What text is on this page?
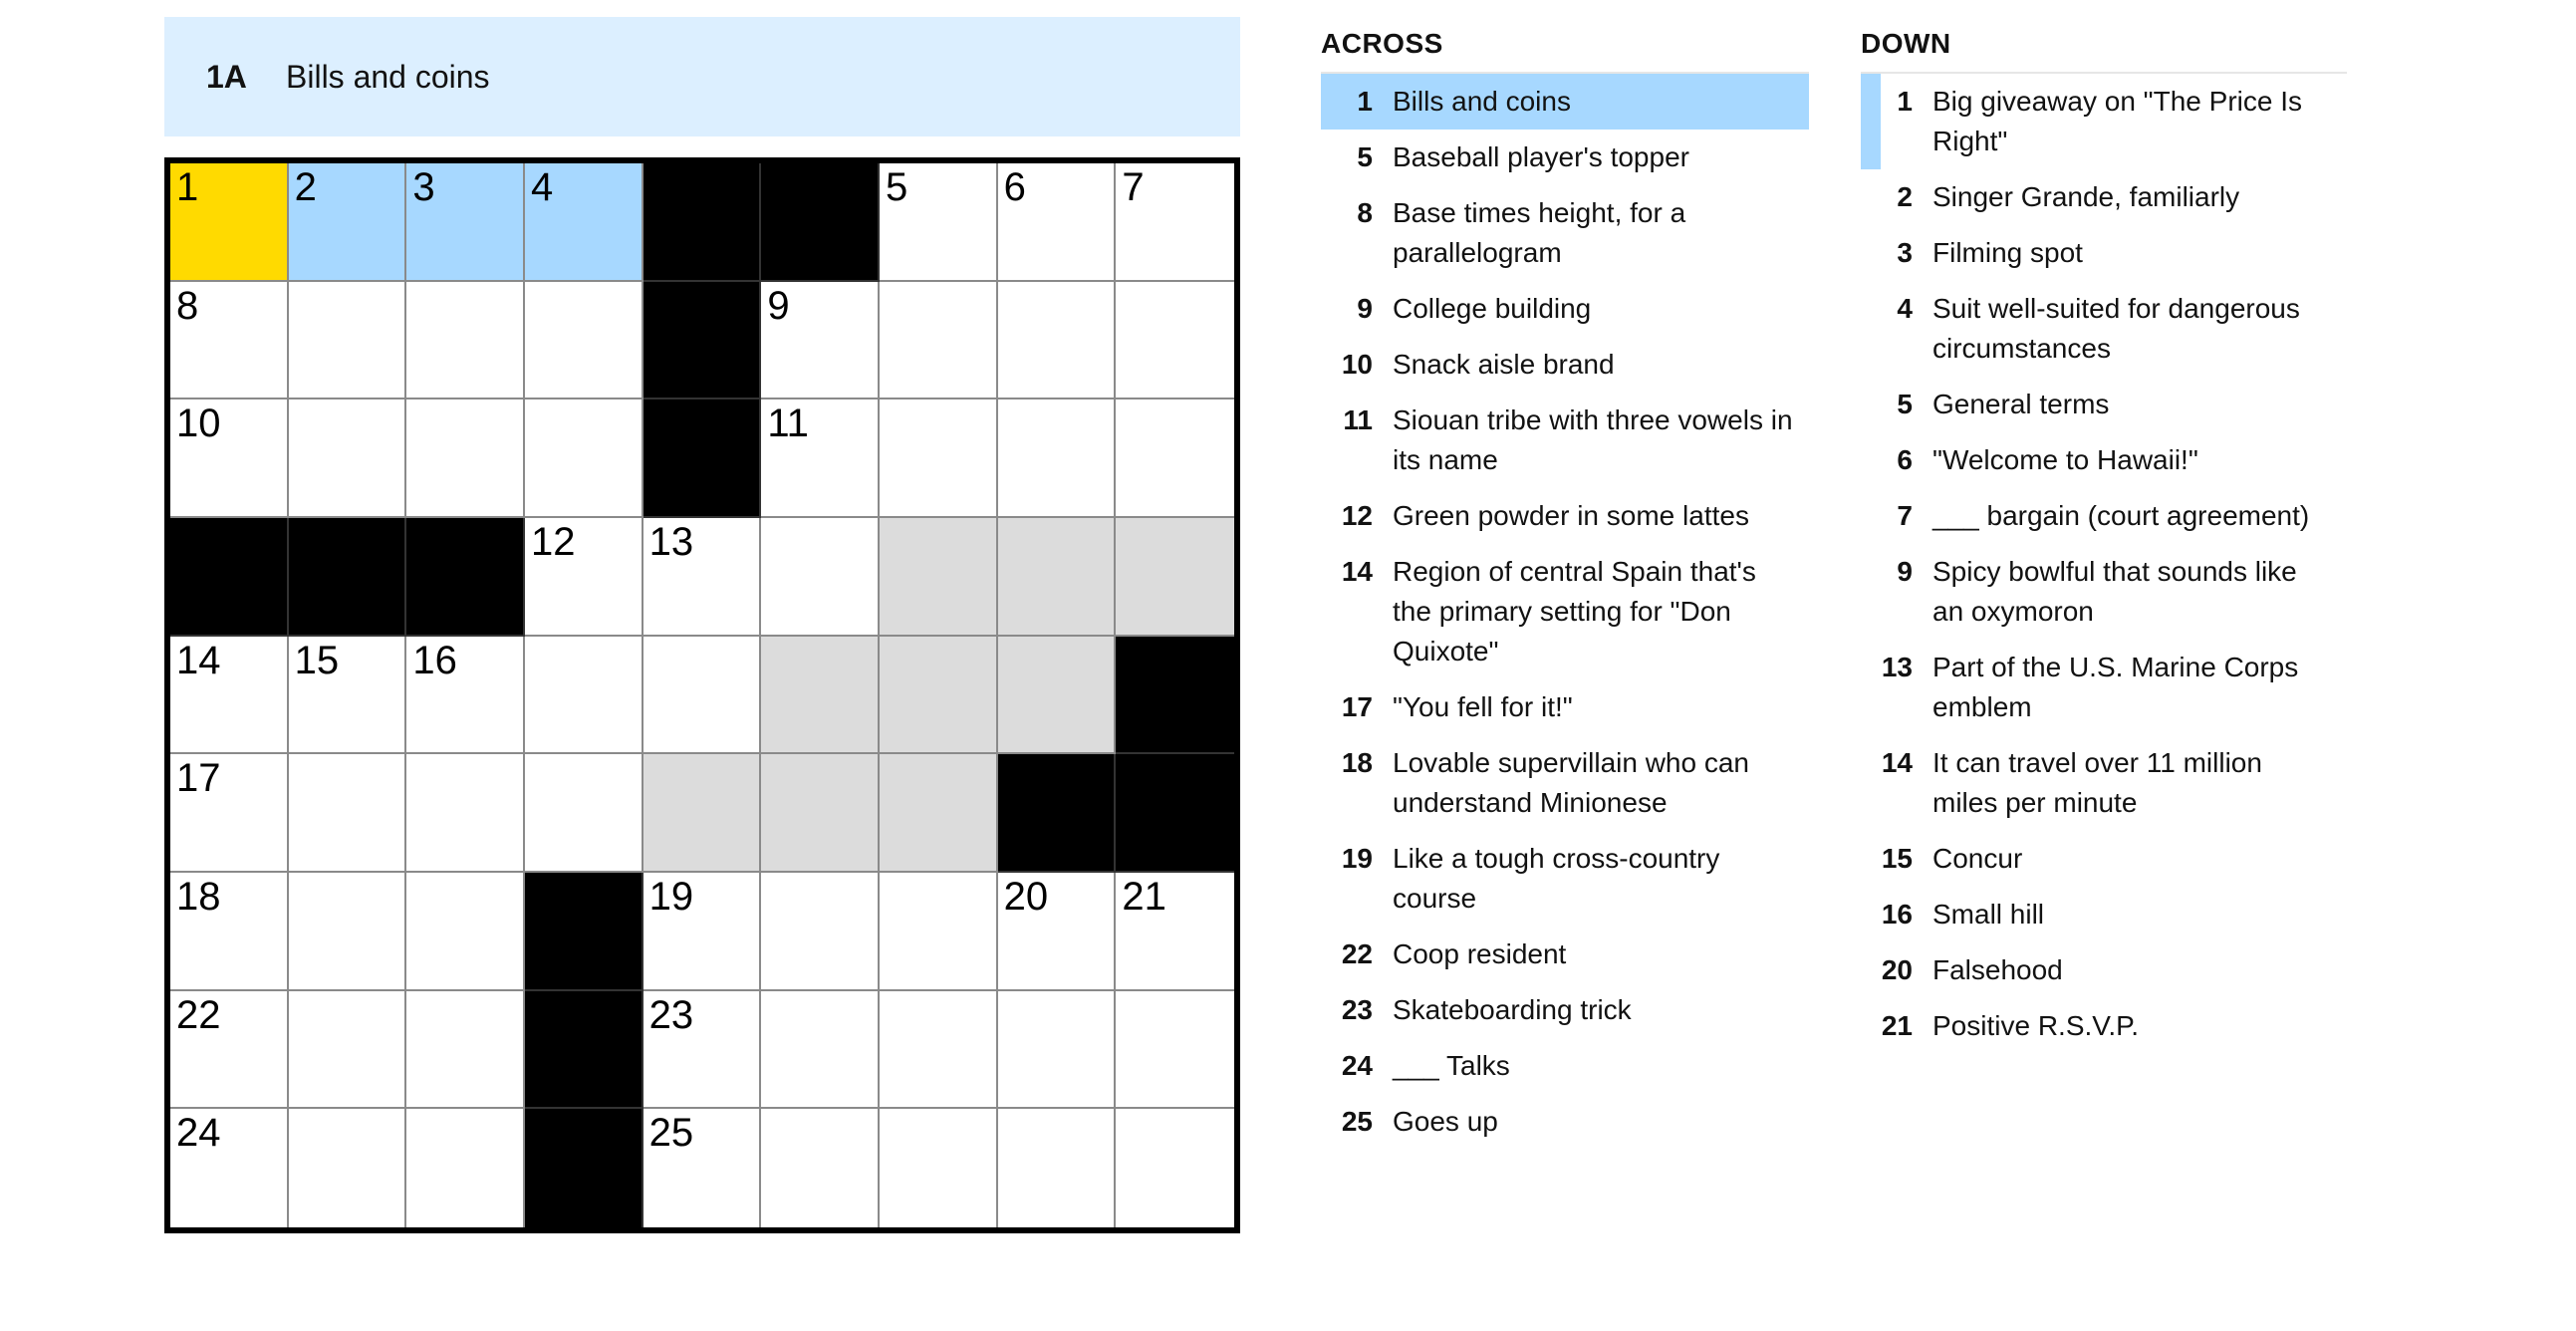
1A	Bills and coins
1 2 3 4	5 6 7
8	9
10	11
12 13
14 15 16
17
18	19	20 21
22	23
24	25
ACROSS
1 Bills and coins
5 Baseball player's topper
8 Base times height, for a parallelogram
9 College building
10 Snack aisle brand
11 Siouan tribe with three vowels in its name
12 Green powder in some lattes
14 Region of central Spain that's the primary setting for "Don Quixote"
17 "You fell for it!"
18 Lovable supervillain who can understand Minionese
19 Like a tough cross-country course
22 Coop resident
23 Skateboarding trick
24 ___ Talks
25 Goes up
DOWN
1 Big giveaway on "The Price Is Right"
2 Singer Grande, familiarly
3 Filming spot
4 Suit well-suited for dangerous circumstances
5 General terms
6 "Welcome to Hawaii!"
7 ___ bargain (court agreement)
9 Spicy bowlful that sounds like an oxymoron
13 Part of the U.S. Marine Corps emblem
14 It can travel over 11 million miles per minute
15 Concur
16 Small hill
20 Falsehood
21 Positive R.S.V.P.
